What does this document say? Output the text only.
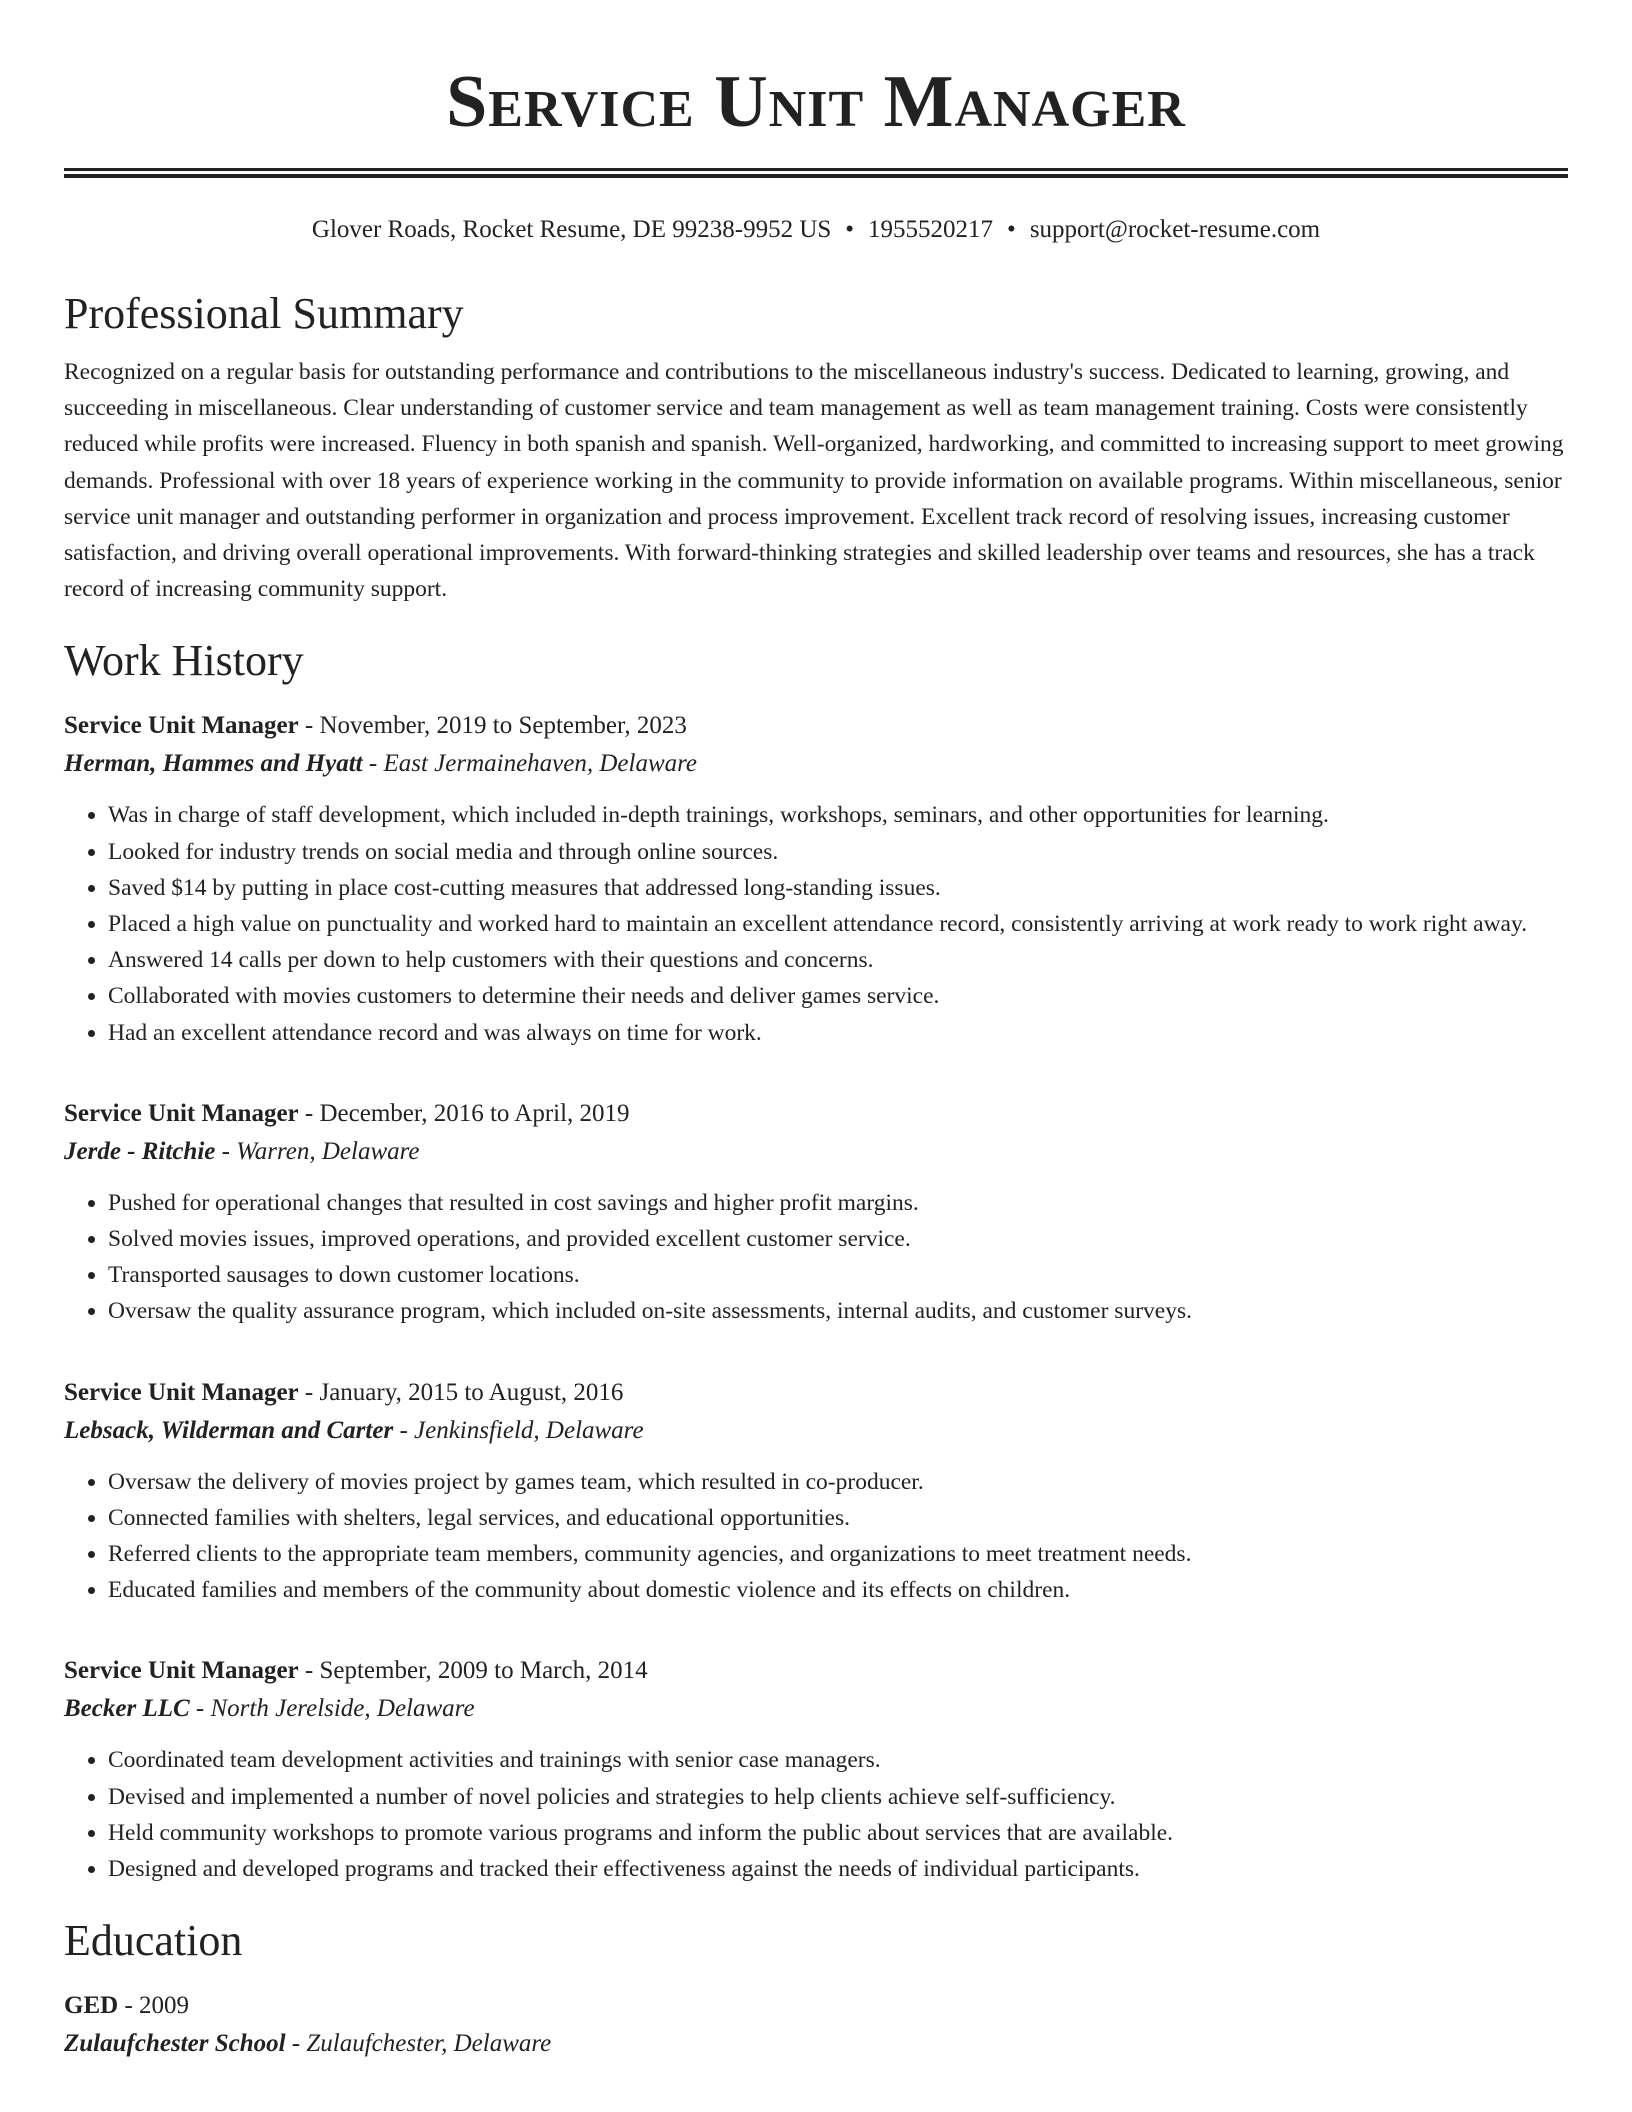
Service Unit Manager
Glover Roads, Rocket Resume, DE 99238-9952 US • 1955520217 • support@rocket-resume.com
Professional Summary

Recognized on a regular basis for outstanding performance and contributions to the miscellaneous industry's success. Dedicated to learning, growing, and succeeding in miscellaneous. Clear understanding of customer service and team management as well as team management training. Costs were consistently reduced while profits were increased. Fluency in both spanish and spanish. Well-organized, hardworking, and committed to increasing support to meet growing demands. Professional with over 18 years of experience working in the community to provide information on available programs. Within miscellaneous, senior service unit manager and outstanding performer in organization and process improvement. Excellent track record of resolving issues, increasing customer satisfaction, and driving overall operational improvements. With forward-thinking strategies and skilled leadership over teams and resources, she has a track record of increasing community support.

Work History
Service Unit Manager - November, 2019 to September, 2023
Herman, Hammes and Hyatt - East Jermainehaven, Delaware
• Was in charge of staff development, which included in-depth trainings, workshops, seminars, and other opportunities for learning.
• Looked for industry trends on social media and through online sources.
• Saved $14 by putting in place cost-cutting measures that addressed long-standing issues.
• Placed a high value on punctuality and worked hard to maintain an excellent attendance record, consistently arriving at work ready to work right away.
• Answered 14 calls per down to help customers with their questions and concerns.
• Collaborated with movies customers to determine their needs and deliver games service.
• Had an excellent attendance record and was always on time for work.
Service Unit Manager - December, 2016 to April, 2019
Jerde - Ritchie - Warren, Delaware
• Pushed for operational changes that resulted in cost savings and higher profit margins.
• Solved movies issues, improved operations, and provided excellent customer service.
• Transported sausages to down customer locations.
• Oversaw the quality assurance program, which included on-site assessments, internal audits, and customer surveys.
Service Unit Manager - January, 2015 to August, 2016
Lebsack, Wilderman and Carter - Jenkinsfield, Delaware
• Oversaw the delivery of movies project by games team, which resulted in co-producer.
• Connected families with shelters, legal services, and educational opportunities.
• Referred clients to the appropriate team members, community agencies, and organizations to meet treatment needs.
• Educated families and members of the community about domestic violence and its effects on children.
Service Unit Manager - September, 2009 to March, 2014
Becker LLC - North Jerelside, Delaware
• Coordinated team development activities and trainings with senior case managers.
• Devised and implemented a number of novel policies and strategies to help clients achieve self-sufficiency.
• Held community workshops to promote various programs and inform the public about services that are available.
• Designed and developed programs and tracked their effectiveness against the needs of individual participants.
Education
GED - 2009
Zulaufchester School - Zulaufchester, Delaware
